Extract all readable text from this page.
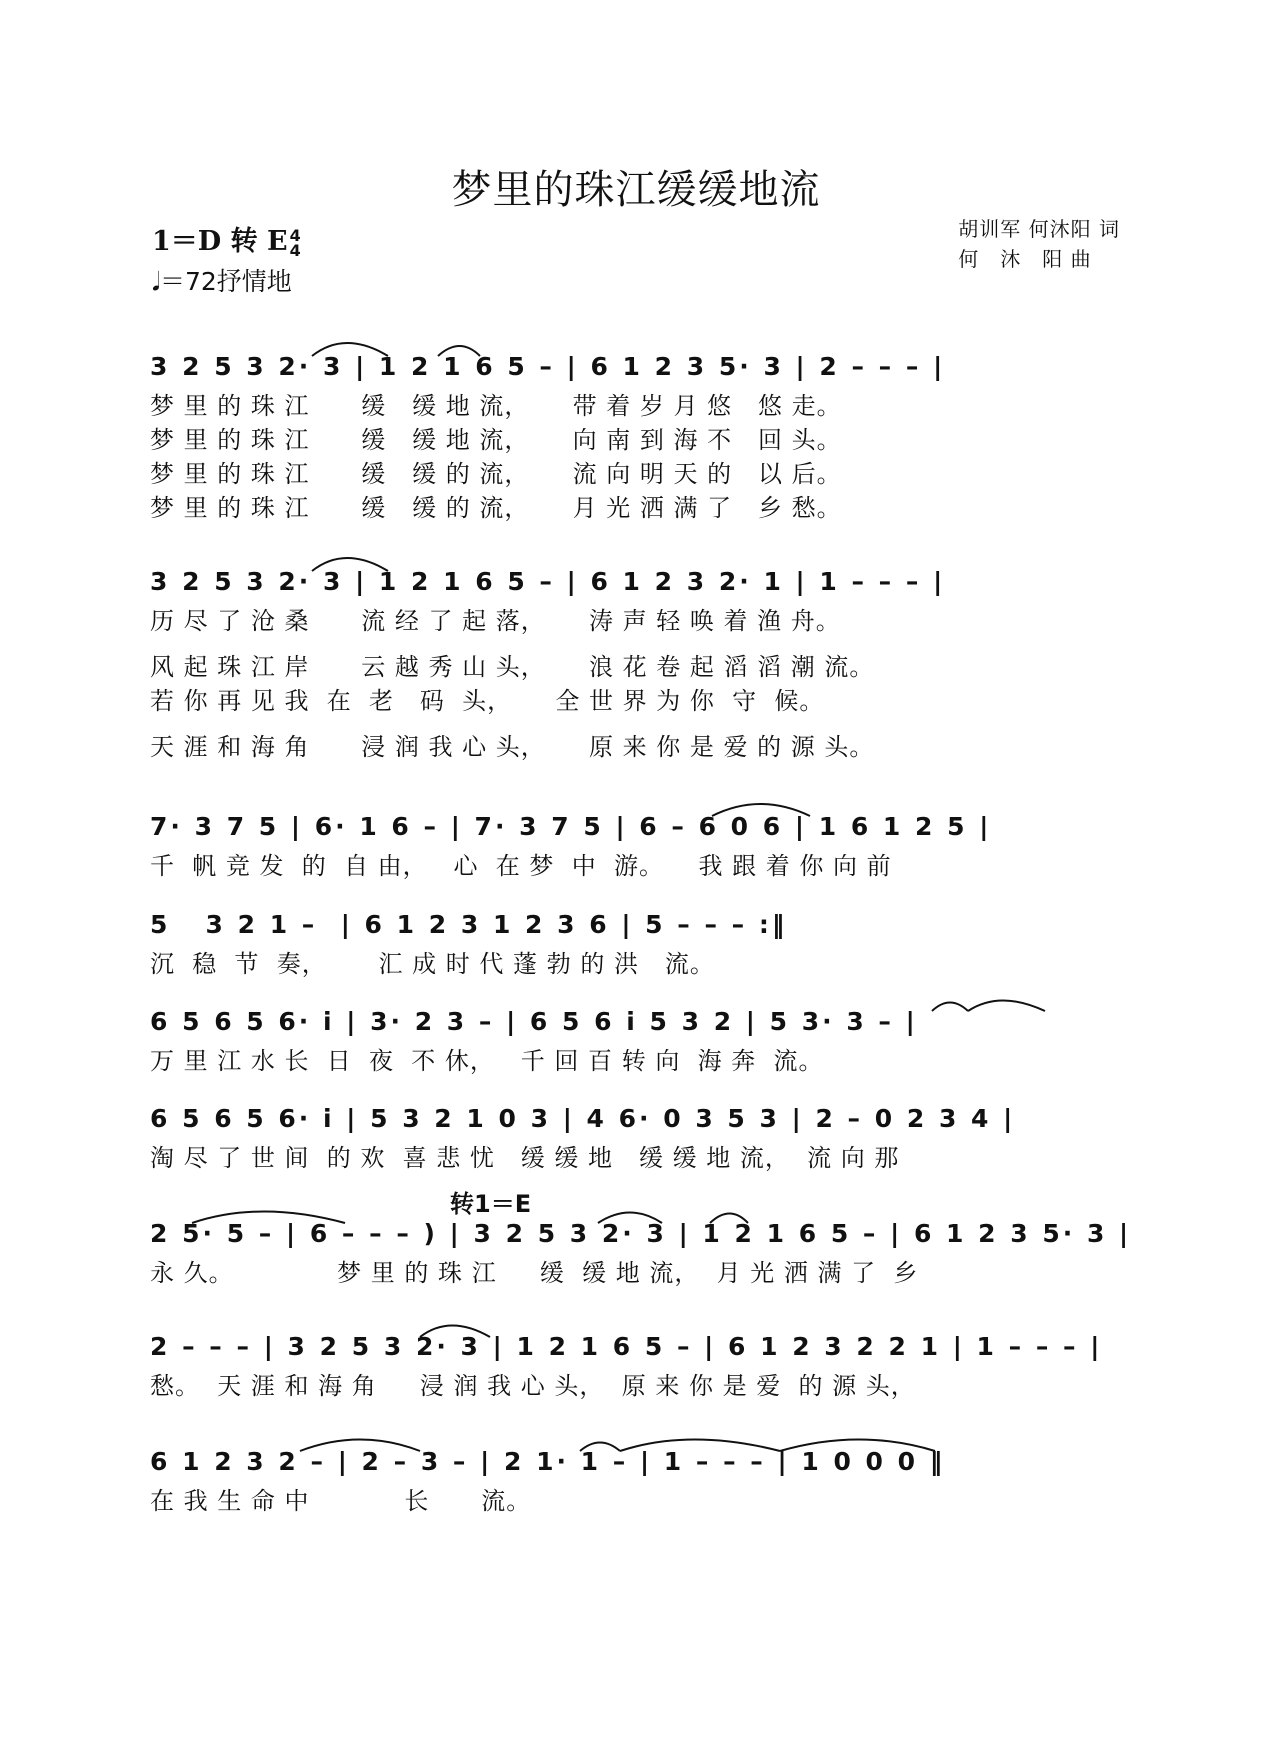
梦里的珠江缓缓地流
1＝D 转 E 4
4
𝅘𝅥＝72抒情地
胡训军 何沐阳 词
何　沐　阳 曲
3 2 5 3 2· 3 | 1 2 1 6 5 – | 6 1 2 3 5· 3 | 2 – – – |
梦 里 的 珠 江      缓   缓 地 流，     带 着 岁 月 悠   悠 走。
梦 里 的 珠 江      缓   缓 地 流，     向 南 到 海 不   回 头。
梦 里 的 珠 江      缓   缓 的 流，     流 向 明 天 的   以 后。
梦 里 的 珠 江      缓   缓 的 流，     月 光 洒 满 了   乡 愁。
3 2 5 3 2· 3 | 1 2 1 6 5 – | 6 1 2 3 2· 1 | 1 – – – |
历 尽 了 沧 桑      流 经 了 起 落，     涛 声 轻 唤 着 渔 舟。
风 起 珠 江 岸      云 越 秀 山 头，     浪 花 卷 起 滔 滔 潮 流。
若 你 再 见 我  在  老   码  头，     全 世 界 为 你  守  候。
天 涯 和 海 角      浸 润 我 心 头，     原 来 你 是 爱 的 源 头。
7· 3 7 5 | 6· 1 6 – | 7· 3 7 5 | 6 – 6 0 6 | 1 6 1 2 5 |
千  帆 竞 发  的  自 由，   心  在 梦  中  游。    我 跟 着 你 向 前
5   3 2 1 –  | 6 1 2 3 1 2 3 6 | 5 – – – :‖
沉  稳  节  奏，      汇 成 时 代 蓬 勃 的 洪   流。
6 5 6 5 6· i | 3· 2 3 – | 6 5 6 i 5 3 2 | 5 3· 3 – |
万 里 江 水 长  日  夜  不 休，   千 回 百 转 向  海 奔  流。
6 5 6 5 6· i | 5 3 2 1 0 3 | 4 6· 0 3 5 3 | 2 – 0 2 3 4 |
淘 尽 了 世 间  的 欢  喜 悲 忧   缓 缓 地   缓 缓 地 流，  流 向 那
转1＝E
2 5· 5 – | 6 – – – ) | 3 2 5 3 2· 3 | 1 2 1 6 5 – | 6 1 2 3 5· 3 |
永 久。            梦 里 的 珠 江     缓  缓 地 流，  月 光 洒 满 了  乡
2 – – – | 3 2 5 3 2· 3 | 1 2 1 6 5 – | 6 1 2 3 2 2 1 | 1 – – – |
愁。  天 涯 和 海 角     浸 润 我 心 头，  原 来 你 是 爱  的 源 头，
6 1 2 3 2 – | 2 – 3 – | 2 1· 1 – | 1 – – – | 1 0 0 0 ‖
在 我 生 命 中           长      流。
